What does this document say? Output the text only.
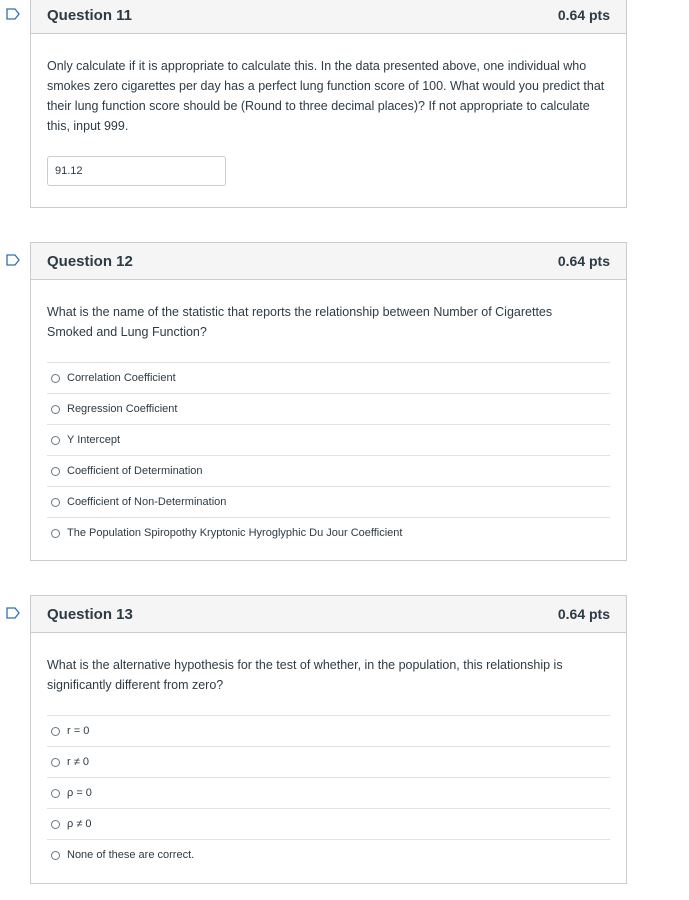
Question 11	0.64 pts

Only calculate if it is appropriate to calculate this. In the data presented above, one individual who smokes zero cigarettes per day has a perfect lung function score of 100. What would you predict that their lung function score should be (Round to three decimal places)? If not appropriate to calculate this, input 999.

91.12
Question 12	0.64 pts

What is the name of the statistic that reports the relationship between Number of Cigarettes Smoked and Lung Function?

Correlation Coefficient
Regression Coefficient
Y Intercept
Coefficient of Determination
Coefficient of Non-Determination
The Population Spiropothy Kryptonic Hyroglyphic Du Jour Coefficient
Question 13	0.64 pts

What is the alternative hypothesis for the test of whether, in the population, this relationship is significantly different from zero?

r = 0
r ≠ 0
ρ = 0
ρ ≠ 0
None of these are correct.
